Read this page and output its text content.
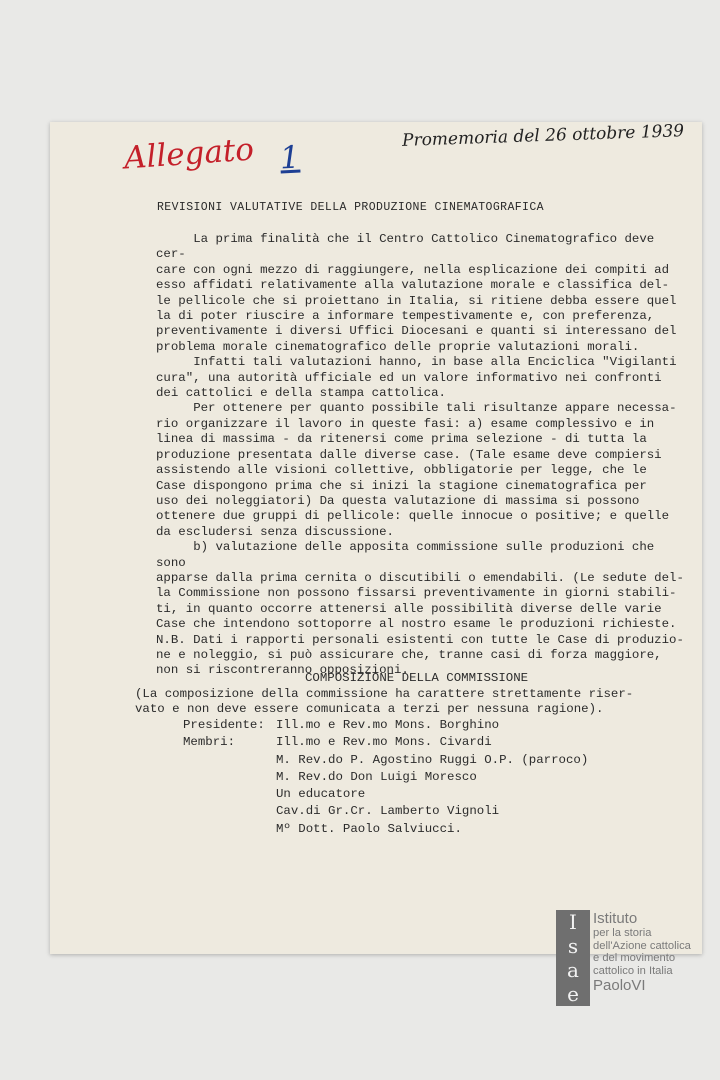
Allegato 1
Promemoria del 26 ottobre 1939
REVISIONI VALUTATIVE DELLA PRODUZIONE CINEMATOGRAFICA

La prima finalità che il Centro Cattolico Cinematografico deve cer-
care con ogni mezzo di raggiungere, nella esplicazione dei compiti ad
esso affidati relativamente alla valutazione morale e classifica del-
le pellicole che si proiettano in Italia, si ritiene debba essere quel
la di poter riuscire a informare tempestivamente e, con preferenza,
preventivamente i diversi Uffici Diocesani e quanti si interessano del
problema morale cinematografico delle proprie valutazioni morali.

Infatti tali valutazioni hanno, in base alla Enciclica "Vigilanti
cura", una autorità ufficiale ed un valore informativo nei confronti
dei cattolici e della stampa cattolica.

Per ottenere per quanto possibile tali risultanze appare necessa-
rio organizzare il lavoro in queste fasi: a) esame complessivo e in
linea di massima - da ritenersi come prima selezione - di tutta la
produzione presentata dalle diverse case. (Tale esame deve compiersi
assistendo alle visioni collettive, obbligatorie per legge, che le
Case dispongono prima che si inizi la stagione cinematografica per
uso dei noleggiatori) Da questa valutazione di massima si possono
ottenere due gruppi di pellicole: quelle innocue o positive; e quelle
da escludersi senza discussione.

b) valutazione delle apposita commissione sulle produzioni che sono
apparse dalla prima cernita o discutibili o emendabili. (Le sedute del-
la Commissione non possono fissarsi preventivamente in giorni stabili-
ti, in quanto occorre attenersi alle possibilità diverse delle varie
Case che intendono sottoporre al nostro esame le produzioni richieste.
N.B. Dati i rapporti personali esistenti con tutte le Case di produzio-
ne e noleggio, si può assicurare che, tranne casi di forza maggiore,
non si riscontreranno opposizioni.

COMPOSIZIONE DELLA COMMISSIONE

(La composizione della commissione ha carattere strettamente riser-
vato e non deve essere comunicata a terzi per nessuna ragione).

Presidente: Ill.mo e Rev.mo Mons. Borghino
Membri:	Ill.mo e Rev.mo Mons. Civardi
M. Rev.do P. Agostino Ruggi O.P. (parroco)
M. Rev.do Don Luigi Moresco
Un educatore
Cav.di Gr.Cr. Lamberto Vignoli
Mº Dott. Paolo Salviucci.
I
s
a
e
Istituto
per la storia
dell'Azione cattolica
e del movimento
cattolico in Italia
PaoloVI
